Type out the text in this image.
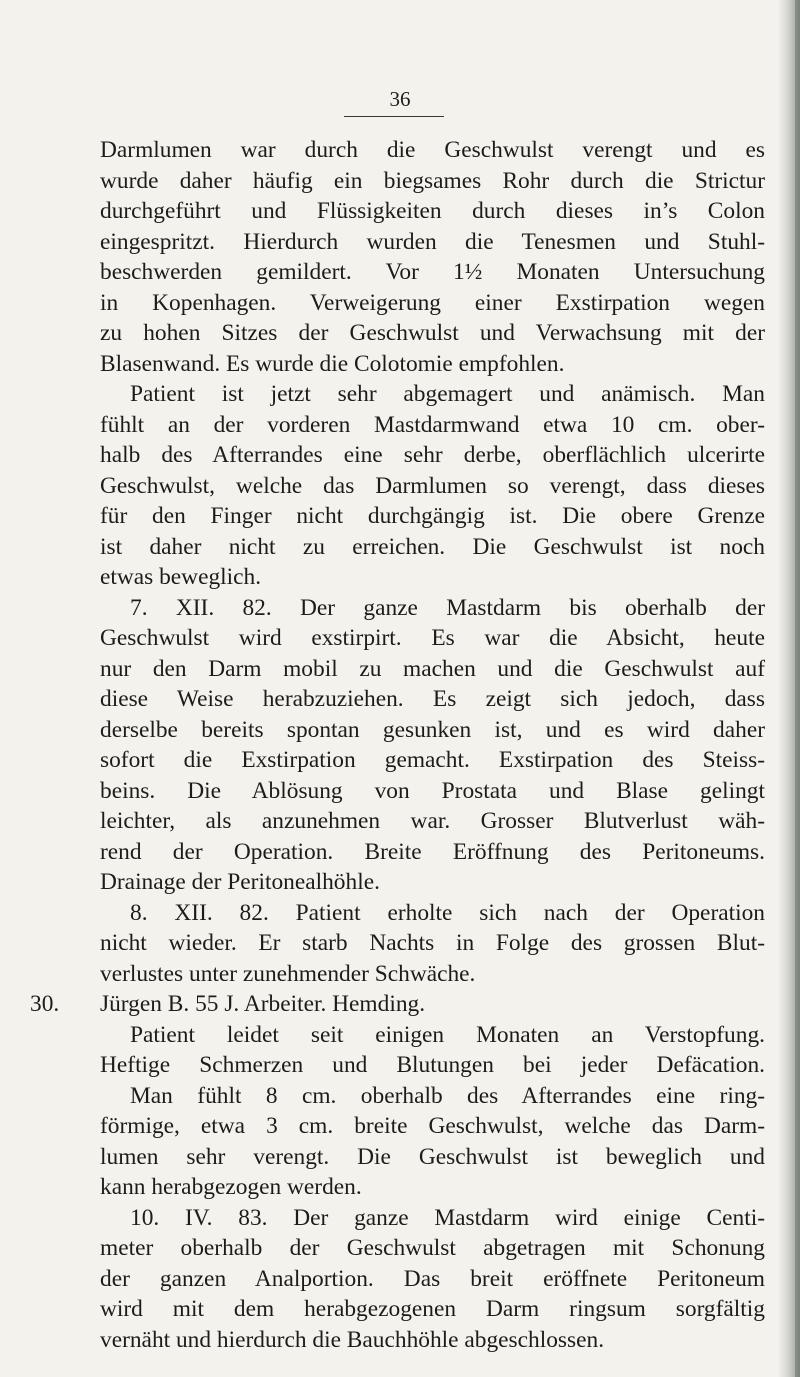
36
Darmlumen war durch die Geschwulst verengt und es
wurde daher häufig ein biegsames Rohr durch die Strictur
durchgeführt und Flüssigkeiten durch dieses in’s Colon
eingespritzt. Hierdurch wurden die Tenesmen und Stuhl-
beschwerden gemildert. Vor 1½ Monaten Untersuchung
in Kopenhagen. Verweigerung einer Exstirpation wegen
zu hohen Sitzes der Geschwulst und Verwachsung mit der
Blasenwand. Es wurde die Colotomie empfohlen.
Patient ist jetzt sehr abgemagert und anämisch. Man
fühlt an der vorderen Mastdarmwand etwa 10 cm. ober-
halb des Afterrandes eine sehr derbe, oberflächlich ulcerirte
Geschwulst, welche das Darmlumen so verengt, dass dieses
für den Finger nicht durchgängig ist. Die obere Grenze
ist daher nicht zu erreichen. Die Geschwulst ist noch
etwas beweglich.
7. XII. 82. Der ganze Mastdarm bis oberhalb der
Geschwulst wird exstirpirt. Es war die Absicht, heute
nur den Darm mobil zu machen und die Geschwulst auf
diese Weise herabzuziehen. Es zeigt sich jedoch, dass
derselbe bereits spontan gesunken ist, und es wird daher
sofort die Exstirpation gemacht. Exstirpation des Steiss-
beins. Die Ablösung von Prostata und Blase gelingt
leichter, als anzunehmen war. Grosser Blutverlust wäh-
rend der Operation. Breite Eröffnung des Peritoneums.
Drainage der Peritonealhöhle.
8. XII. 82. Patient erholte sich nach der Operation
nicht wieder. Er starb Nachts in Folge des grossen Blut-
verlustes unter zunehmender Schwäche.
Jürgen B. 55 J. Arbeiter. Hemding.
Patient leidet seit einigen Monaten an Verstopfung.
Heftige Schmerzen und Blutungen bei jeder Defäcation.
Man fühlt 8 cm. oberhalb des Afterrandes eine ring-
förmige, etwa 3 cm. breite Geschwulst, welche das Darm-
lumen sehr verengt. Die Geschwulst ist beweglich und
kann herabgezogen werden.
10. IV. 83. Der ganze Mastdarm wird einige Centi-
meter oberhalb der Geschwulst abgetragen mit Schonung
der ganzen Analportion. Das breit eröffnete Peritoneum
wird mit dem herabgezogenen Darm ringsum sorgfältig
vernäht und hierdurch die Bauchhöhle abgeschlossen.
30.
